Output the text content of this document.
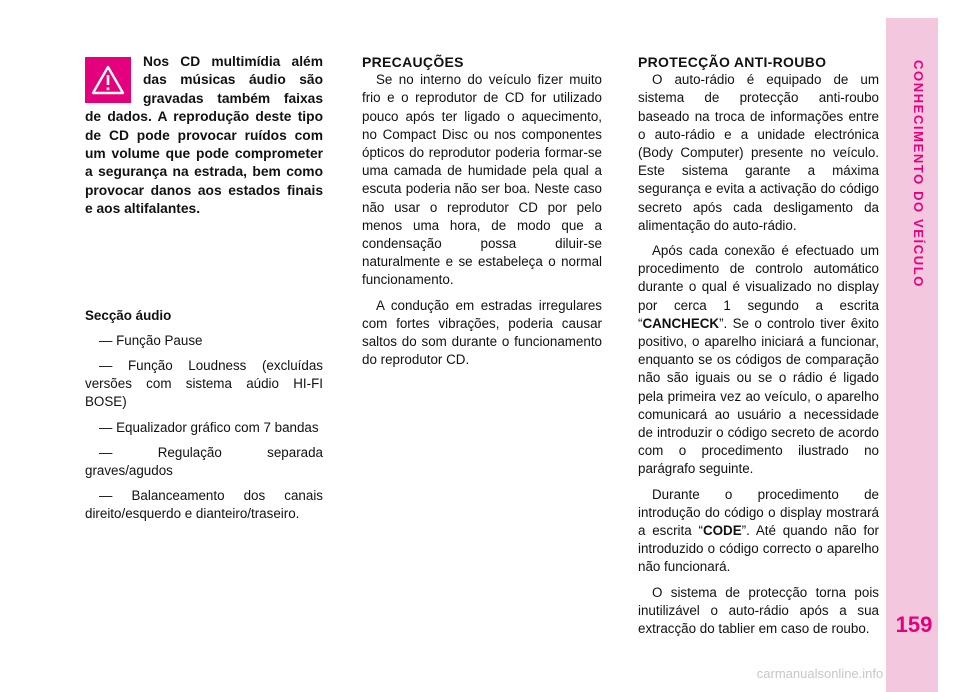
Nos CD multimídia além das músicas áudio são gravadas também faixas de dados. A reprodução deste tipo de CD pode provocar ruídos com um volume que pode comprometer a segurança na estrada, bem como provocar danos aos estados finais e aos altifalantes.

Secção áudio

— Função Pause

— Função Loudness (excluídas versões com sistema aúdio HI-FI BOSE)

— Equalizador gráfico com 7 bandas

— Regulação separada graves/agudos

— Balanceamento dos canais direito/esquerdo e dianteiro/traseiro.

PRECAUÇÕES

Se no interno do veículo fizer muito frio e o reprodutor de CD for utilizado pouco após ter ligado o aquecimento, no Compact Disc ou nos componentes ópticos do reprodutor poderia formar-se uma camada de humidade pela qual a escuta poderia não ser boa. Neste caso não usar o reprodutor CD por pelo menos uma hora, de modo que a condensação possa diluir-se naturalmente e se estabeleça o normal funcionamento.

A condução em estradas irregulares com fortes vibrações, poderia causar saltos do som durante o funcionamento do reprodutor CD.

PROTECÇÃO ANTI-ROUBO

O auto-rádio é equipado de um sistema de protecção anti-roubo baseado na troca de informações entre o auto-rádio e a unidade electrónica (Body Computer) presente no veículo. Este sistema garante a máxima segurança e evita a activação do código secreto após cada desligamento da alimentação do auto-rádio.

Após cada conexão é efectuado um procedimento de controlo automático durante o qual é visualizado no display por cerca 1 segundo a escrita “CANCHECK”. Se o controlo tiver êxito positivo, o aparelho iniciará a funcionar, enquanto se os códigos de comparação não são iguais ou se o rádio é ligado pela primeira vez ao veículo, o aparelho comunicará ao usuário a necessidade de introduzir o código secreto de acordo com o procedimento ilustrado no parágrafo seguinte.

Durante o procedimento de introdução do código o display mostrará a escrita “CODE”. Até quando não for introduzido o código correcto o aparelho não funcionará.

O sistema de protecção torna pois inutilizável o auto-rádio após a sua extracção do tablier em caso de roubo.

CONHECIMENTO DO VEÍCULO
159
carmanualsonline.info
